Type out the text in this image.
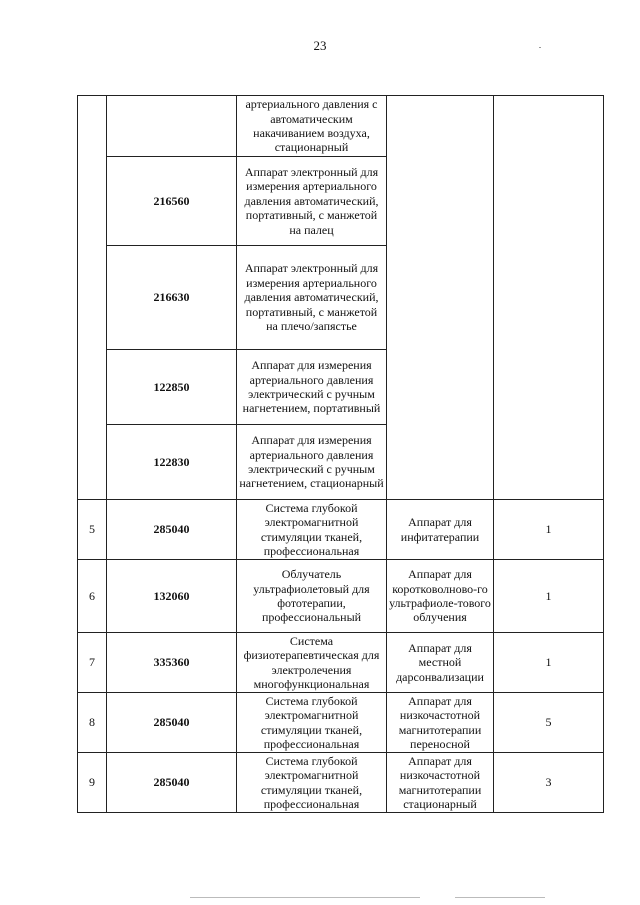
23
		артериального давления с автоматическим накачиванием воздуха, стационарный		
	216560	Аппарат электронный для измерения артериального давления автоматический, портативный, с манжетой на палец		
	216630	Аппарат электронный для измерения артериального давления автоматический, портативный, с манжетой на плечо/запястье		
	122850	Аппарат для измерения артериального давления электрический с ручным нагнетением, портативный		
	122830	Аппарат для измерения артериального давления электрический с ручным нагнетением, стационарный		
5	285040	Система глубокой электромагнитной стимуляции тканей, профессиональная	Аппарат для инфитатерапии	1
6	132060	Облучатель ультрафиолетовый для фототерапии, профессиональный	Аппарат для коротковолново-го ультрафиоле-тового облучения	1
7	335360	Система физиотерапевтическая для электролечения многофункциональная	Аппарат для местной дарсонвализации	1
8	285040	Система глубокой электромагнитной стимуляции тканей, профессиональная	Аппарат для низкочастотной магнитотерапии переносной	5
9	285040	Система глубокой электромагнитной стимуляции тканей, профессиональная	Аппарат для низкочастотной магнитотерапии стационарный	3
